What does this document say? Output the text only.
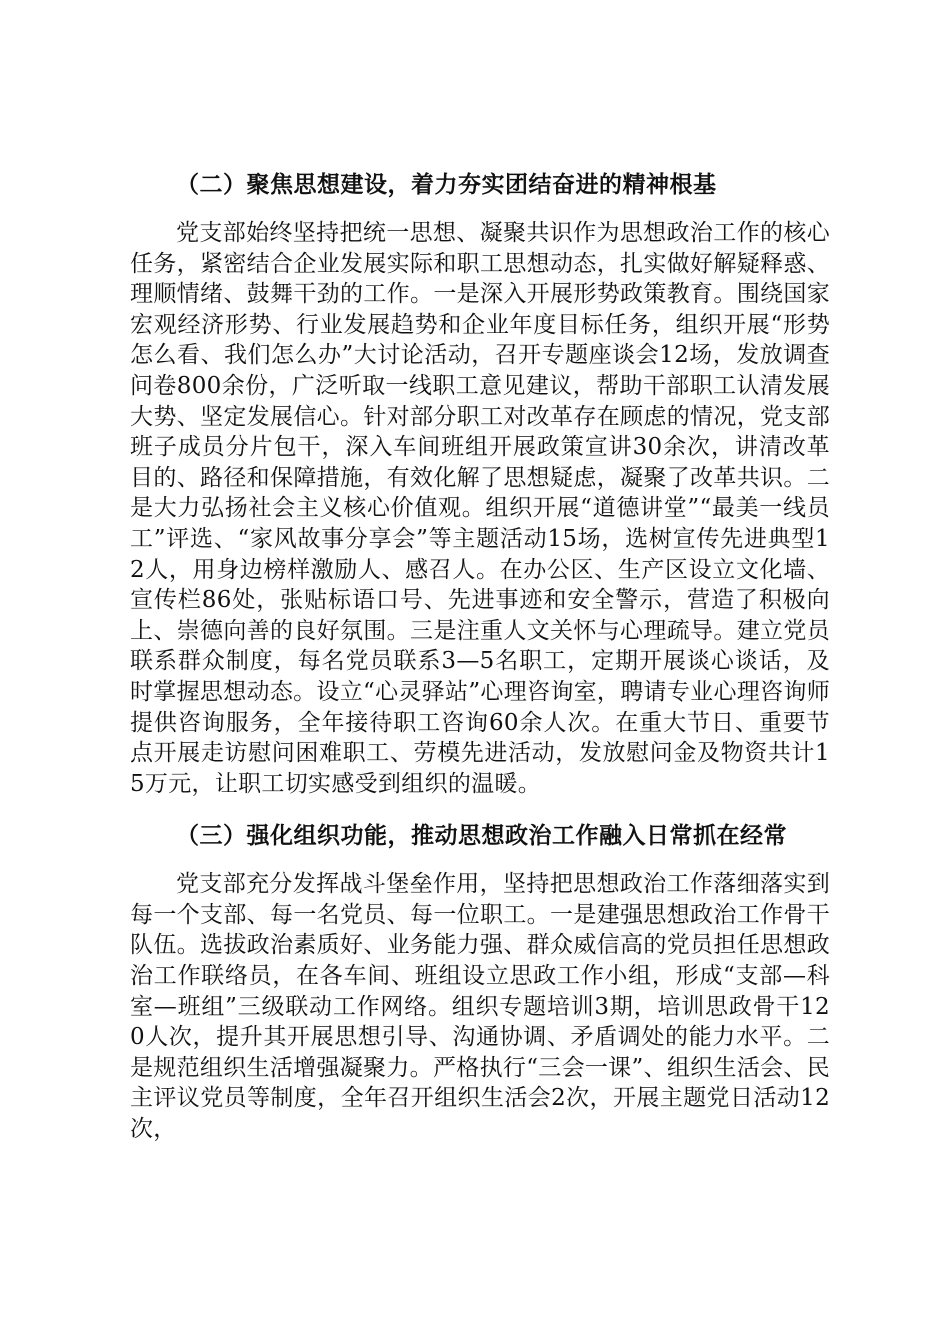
（二）聚焦思想建设，着力夯实团结奋进的精神根基

党支部始终坚持把统一思想、凝聚共识作为思想政治工作的核心任务，紧密结合企业发展实际和职工思想动态，扎实做好解疑释惑、理顺情绪、鼓舞干劲的工作。一是深入开展形势政策教育。围绕国家宏观经济形势、行业发展趋势和企业年度目标任务，组织开展“形势怎么看、我们怎么办”大讨论活动，召开专题座谈会12场，发放调查问卷800余份，广泛听取一线职工意见建议，帮助干部职工认清发展大势、坚定发展信心。针对部分职工对改革存在顾虑的情况，党支部班子成员分片包干，深入车间班组开展政策宣讲30余次，讲清改革目的、路径和保障措施，有效化解了思想疑虑，凝聚了改革共识。二是大力弘扬社会主义核心价值观。组织开展“道德讲堂”“最美一线员工”评选、“家风故事分享会”等主题活动15场，选树宣传先进典型12人，用身边榜样激励人、感召人。在办公区、生产区设立文化墙、宣传栏86处，张贴标语口号、先进事迹和安全警示，营造了积极向上、崇德向善的良好氛围。三是注重人文关怀与心理疏导。建立党员联系群众制度，每名党员联系3—5名职工，定期开展谈心谈话，及时掌握思想动态。设立“心灵驿站”心理咨询室，聘请专业心理咨询师提供咨询服务，全年接待职工咨询60余人次。在重大节日、重要节点开展走访慰问困难职工、劳模先进活动，发放慰问金及物资共计15万元，让职工切实感受到组织的温暖。

（三）强化组织功能，推动思想政治工作融入日常抓在经常

党支部充分发挥战斗堡垒作用，坚持把思想政治工作落细落实到每一个支部、每一名党员、每一位职工。一是建强思想政治工作骨干队伍。选拔政治素质好、业务能力强、群众威信高的党员担任思想政治工作联络员，在各车间、班组设立思政工作小组，形成“支部—科室—班组”三级联动工作网络。组织专题培训3期，培训思政骨干120人次，提升其开展思想引导、沟通协调、矛盾调处的能力水平。二是规范组织生活增强凝聚力。严格执行“三会一课”、组织生活会、民主评议党员等制度，全年召开组织生活会2次，开展主题党日活动12次，
